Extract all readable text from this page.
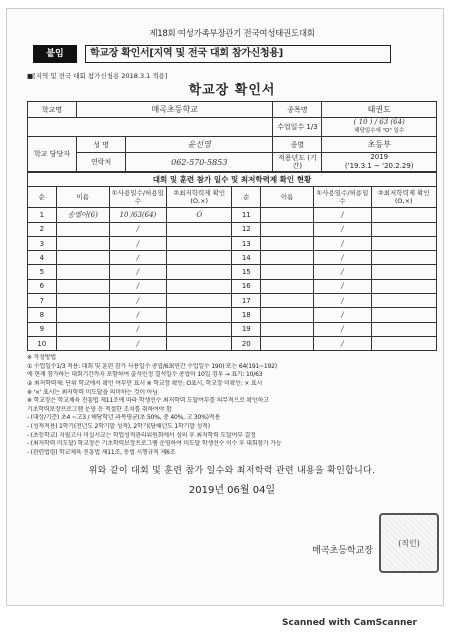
제18회 여성가족부장관기 전국여성태권도대회
붙임	학교장 확인서[지역 및 전국 대회 참가신청용]
■[지역 및 전국 대회 참가신청용 2018.3.1 적용]
학교장 확인서
학교명	매곡초등학교		종목명	태권도
			수업일수 1/3	( 10 ) / 63 (64)
해당일수에 "O" 일수

학교 담당자	성 명	윤선영	종별	초등부
	연락처	062-570-5853	적용년도 (기간)	2019
('19.3.1 ~ '20.2.29)
대회 및 훈련 참가 일수 및 최저학력제 확인 현황							
순	이름	①사용일수/허용일수	②최저학력제 확인(O,×)	순	이름	①사용일수/허용일수	②최저학력제 확인(O,×)
1	송엘아(6)	10 /63(64)	O	11		/	
2		/		12		/	
3		/		13		/	
4		/		14		/	
5		/		15		/	
6		/		16		/	
7		/		17		/	
8		/		18		/	
9		/		19		/	
10		/		20		/	
※ 작성방법
① 수업일수1/3 적용: 대회 및 훈련 참가 사용일수 총합/63(연간 수업일수 190) 또는 64(191~192)
에 현재 참가하는 대회기간까지 포함하여 출석인정 결석일수 총합이 10일 경우 → 표기: 10/63
② 최저학력제: 단위 학교에서 확인 여부만 표시 ※ 학교장 확인: O표시, 학교장 미확인: × 표시
※ '×' 표시는 최저학력 미도달을 의미하는 것이 아님
※ 학교장은 학교체육 진흥법 제11조에 따라 학생선수 최저학력 도달여부를 의무적으로 확인하고
기초학력보장프로그램 운영 등 적절한 조치를 취하여야 함
- (대상/기준) 초4 ~고3 / 해당학년 과목평균(초 50%, 중 40%, 고 30%)적용
- (성적적용) 1학기(전년도 2학기말 성적), 2학기(당해년도 1학기말 성적)
- (초등학교) 지필고사 미실시교는 학업성적관리위원회에서 심의 후 최저학력 도달여부 결정
- (최저학력 미도달) 학교장은 기초학력보장프로그램 운영하여 미도달 학생선수 이수 후 대회참가 가능
- (관련법령) 학교체육 진흥법 제11조, 동법 시행규칙 제6조
위와 같이 대회 및 훈련 참가 일수와 최저학력 관련 내용을 확인합니다.
2019년 06월 04일
매곡초등학교장
(직인)
Scanned with CamScanner
